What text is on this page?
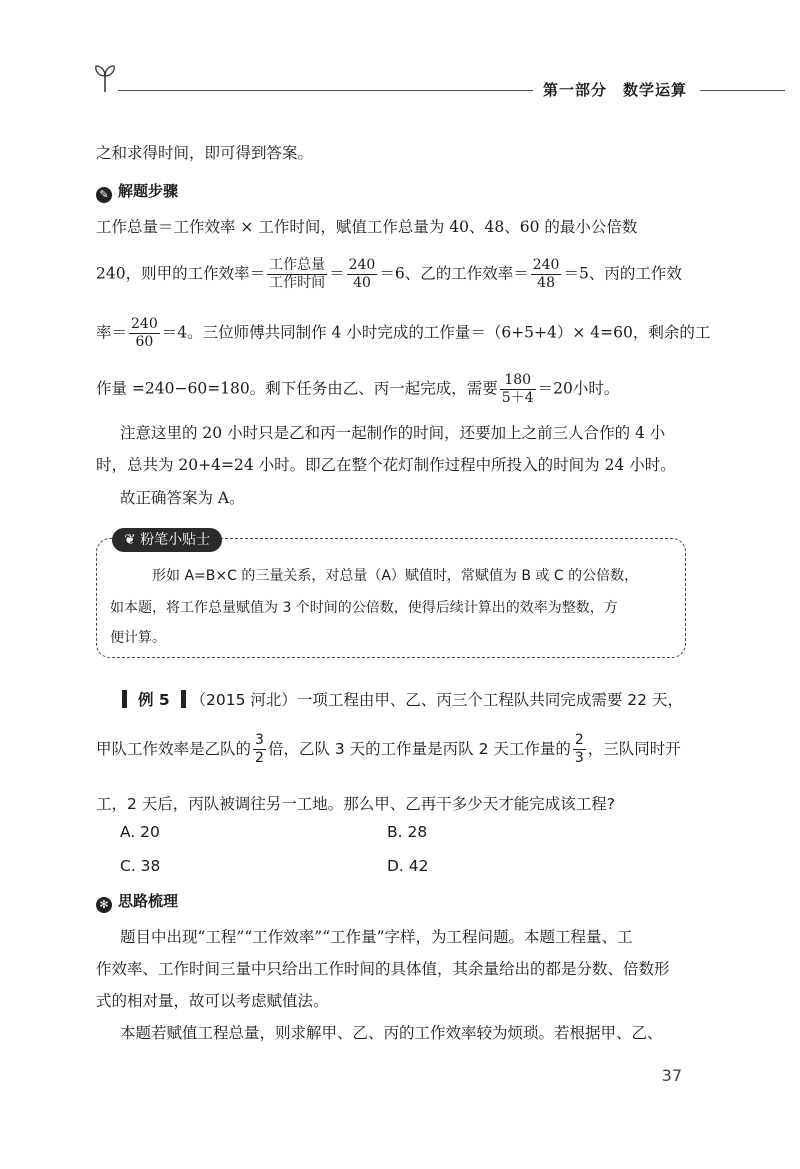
第一部分　数学运算
之和求得时间，即可得到答案。
✎ 解题步骤
工作总量＝工作效率 × 工作时间，赋值工作总量为 40、48、60 的最小公倍数
240，则甲的工作效率＝ $\frac{\text{工作总量}}{\text{工作时间}} = \frac{240}{40} =6$、乙的工作效率＝ $\frac{240}{48} =5$、丙的工作效
率＝ $\frac{240}{60} =4$。三位师傅共同制作 4 小时完成的工作量＝（6+5+4）× 4=60，剩余的工
作量 =240−60=180。剩下任务由乙、丙一起完成，需要 $\frac{180}{5+4} =20$小时。
注意这里的 20 小时只是乙和丙一起制作的时间，还要加上之前三人合作的 4 小
时，总共为 20+4=24 小时。即乙在整个花灯制作过程中所投入的时间为 24 小时。
故正确答案为 A。
❦ 粉笔小贴士
形如 A=B×C 的三量关系，对总量（A）赋值时，常赋值为 B 或 C 的公倍数，
如本题，将工作总量赋值为 3 个时间的公倍数，使得后续计算出的效率为整数，方
便计算。
例 5 （2015 河北）一项工程由甲、乙、丙三个工程队共同完成需要 22 天，
甲队工作效率是乙队的 $\frac{3}{2}$ 倍，乙队 3 天的工作量是丙队 2 天工作量的 $\frac{2}{3}$ ，三队同时开
工，2 天后，丙队被调往另一工地。那么甲、乙再干多少天才能完成该工程?
A. 20	B. 28
C. 38	D. 42
✻ 思路梳理
题目中出现“工程”“工作效率”“工作量”字样，为工程问题。本题工程量、工
作效率、工作时间三量中只给出工作时间的具体值，其余量给出的都是分数、倍数形
式的相对量，故可以考虑赋值法。
本题若赋值工程总量，则求解甲、乙、丙的工作效率较为烦琐。若根据甲、乙、
37
